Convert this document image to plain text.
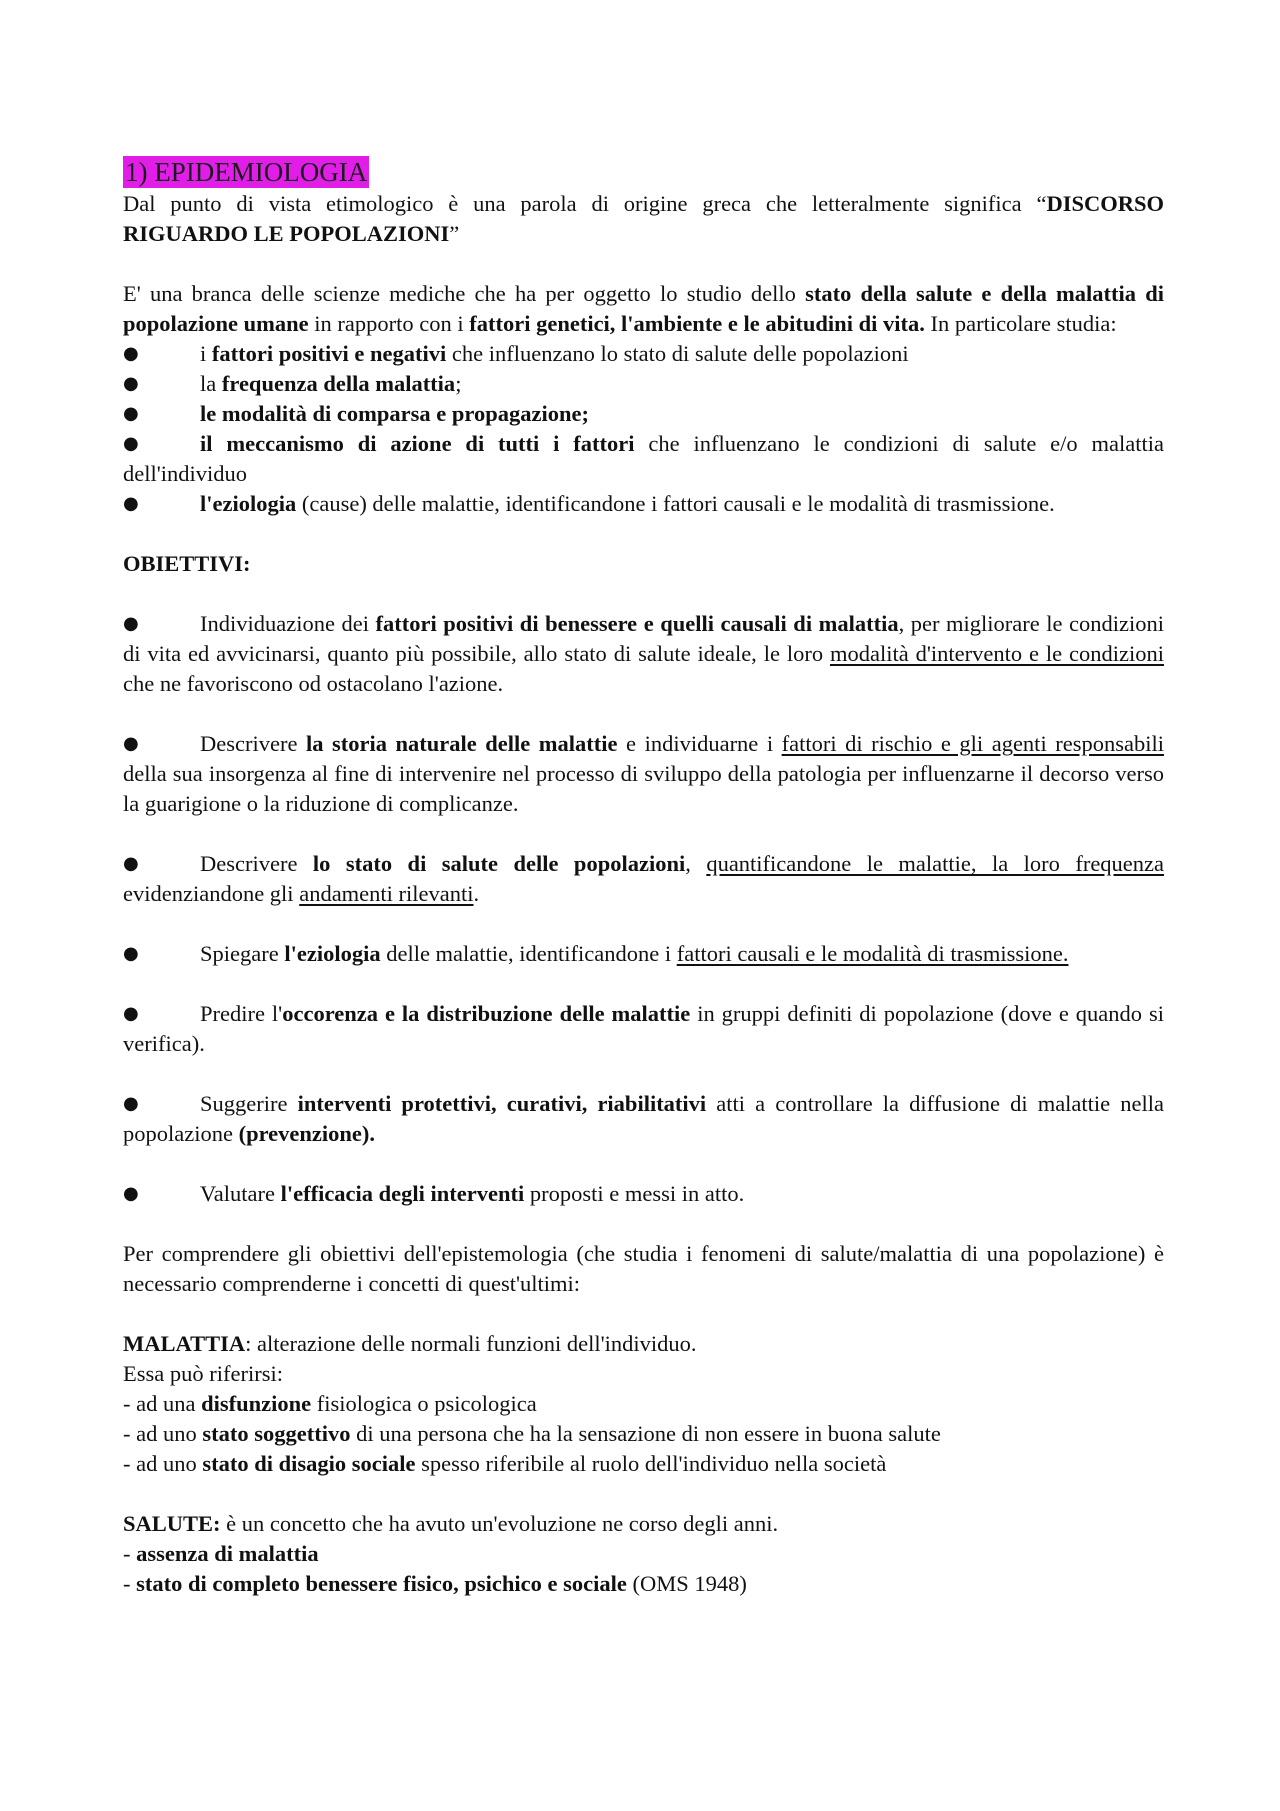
1) EPIDEMIOLOGIA

Dal punto di vista etimologico è una parola di origine greca che letteralmente significa “DISCORSO RIGUARDO LE POPOLAZIONI”

E' una branca delle scienze mediche che ha per oggetto lo studio dello stato della salute e della malattia di popolazione umane in rapporto con i fattori genetici, l'ambiente e le abitudini di vita. In particolare studia:

●	i fattori positivi e negativi che influenzano lo stato di salute delle popolazioni

●	la frequenza della malattia;

●	le modalità di comparsa e propagazione;

●	il meccanismo di azione di tutti i fattori che influenzano le condizioni di salute e/o malattia dell'individuo

●	l'eziologia (cause) delle malattie, identificandone i fattori causali e le modalità di trasmissione.

OBIETTIVI:

●	Individuazione dei fattori positivi di benessere e quelli causali di malattia, per migliorare le condizioni di vita ed avvicinarsi, quanto più possibile, allo stato di salute ideale, le loro modalità d'intervento e le condizioni che ne favoriscono od ostacolano l'azione.

●	Descrivere la storia naturale delle malattie e individuarne i fattori di rischio e gli agenti responsabili della sua insorgenza al fine di intervenire nel processo di sviluppo della patologia per influenzarne il decorso verso la guarigione o la riduzione di complicanze.

●	Descrivere lo stato di salute delle popolazioni, quantificandone le malattie, la loro frequenza evidenziandone gli andamenti rilevanti.

●	Spiegare l'eziologia delle malattie, identificandone i fattori causali e le modalità di trasmissione.

●	Predire l'occorenza e la distribuzione delle malattie in gruppi definiti di popolazione (dove e quando si verifica).

●	Suggerire interventi protettivi, curativi, riabilitativi atti a controllare la diffusione di malattie nella popolazione (prevenzione).

●	Valutare l'efficacia degli interventi proposti e messi in atto.

Per comprendere gli obiettivi dell'epistemologia (che studia i fenomeni di salute/malattia di una popolazione) è necessario comprenderne i concetti di quest'ultimi:

MALATTIA: alterazione delle normali funzioni dell'individuo.

Essa può riferirsi:

- ad una disfunzione fisiologica o psicologica

- ad uno stato soggettivo di una persona che ha la sensazione di non essere in buona salute

- ad uno stato di disagio sociale spesso riferibile al ruolo dell'individuo nella società

SALUTE: è un concetto che ha avuto un'evoluzione ne corso degli anni.

- assenza di malattia

- stato di completo benessere fisico, psichico e sociale (OMS 1948)
